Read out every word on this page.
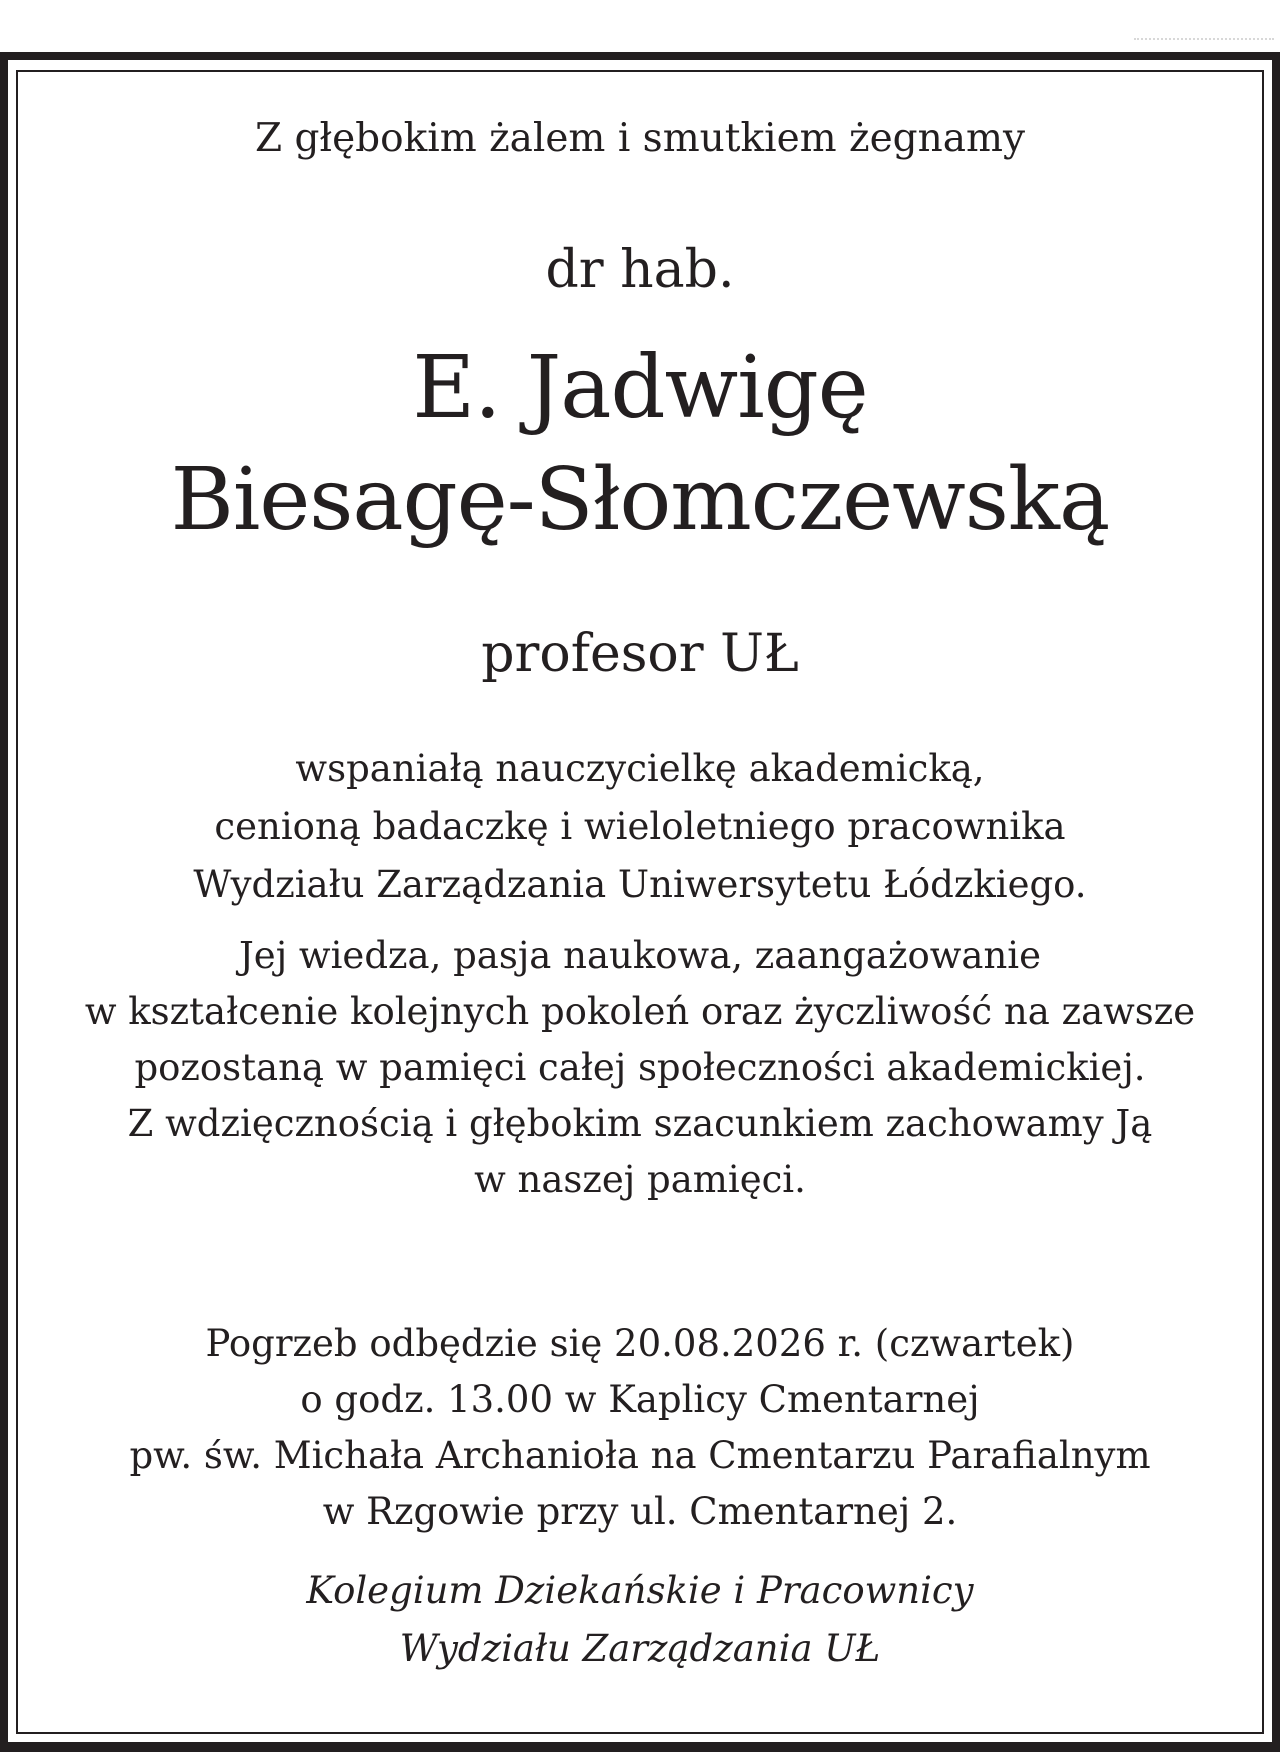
Z głębokim żalem i smutkiem żegnamy
dr hab.
E. Jadwigę
Biesagę-Słomczewską
profesor UŁ
wspaniałą nauczycielkę akademicką,
cenioną badaczkę i wieloletniego pracownika
Wydziału Zarządzania Uniwersytetu Łódzkiego.
Jej wiedza, pasja naukowa, zaangażowanie
w kształcenie kolejnych pokoleń oraz życzliwość na zawsze
pozostaną w pamięci całej społeczności akademickiej.
Z wdzięcznością i głębokim szacunkiem zachowamy Ją
w naszej pamięci.
Pogrzeb odbędzie się 20.08.2026 r. (czwartek)
o godz. 13.00 w Kaplicy Cmentarnej
pw. św. Michała Archanioła na Cmentarzu Parafialnym
w Rzgowie przy ul. Cmentarnej 2.
Kolegium Dziekańskie i Pracownicy
Wydziału Zarządzania UŁ
